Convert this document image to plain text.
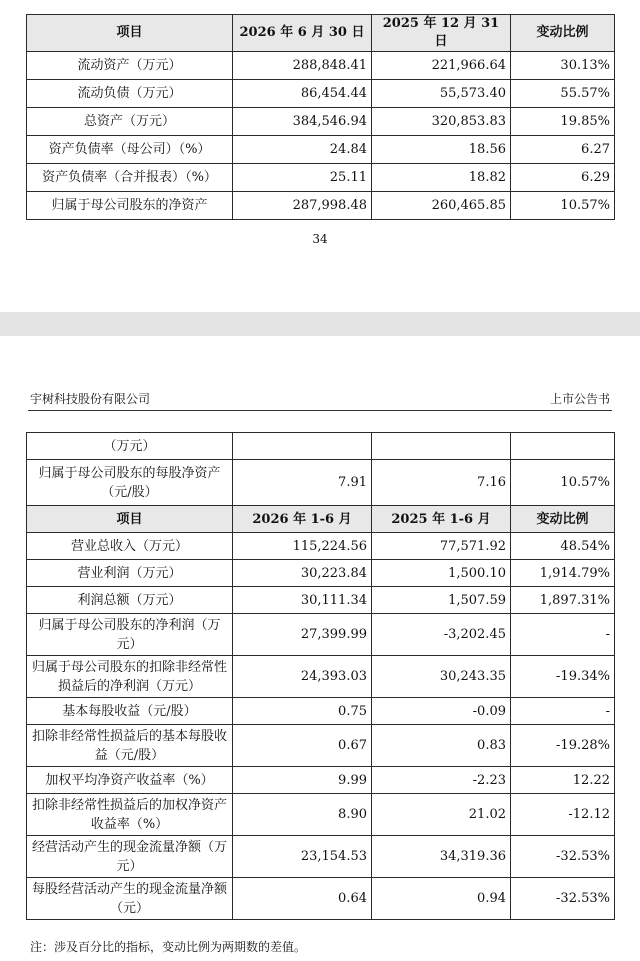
项目	2026 年 6 月 30 日	2025 年 12 月 31 日	变动比例
流动资产（万元）	288,848.41	221,966.64	30.13%
流动负债（万元）	86,454.44	55,573.40	55.57%
总资产（万元）	384,546.94	320,853.83	19.85%
资产负债率（母公司）（%）	24.84	18.56	6.27
资产负债率（合并报表）（%）	25.11	18.82	6.29
归属于母公司股东的净资产	287,998.48	260,465.85	10.57%
34
宇树科技股份有限公司	上市公告书
（万元）			
归属于母公司股东的每股净资产（元/股）	7.91	7.16	10.57%
项目	2026 年 1-6 月	2025 年 1-6 月	变动比例
营业总收入（万元）	115,224.56	77,571.92	48.54%
营业利润（万元）	30,223.84	1,500.10	1,914.79%
利润总额（万元）	30,111.34	1,507.59	1,897.31%
归属于母公司股东的净利润（万元）	27,399.99	-3,202.45	-
归属于母公司股东的扣除非经常性损益后的净利润（万元）	24,393.03	30,243.35	-19.34%
基本每股收益（元/股）	0.75	-0.09	-
扣除非经常性损益后的基本每股收益（元/股）	0.67	0.83	-19.28%
加权平均净资产收益率（%）	9.99	-2.23	12.22
扣除非经常性损益后的加权净资产收益率（%）	8.90	21.02	-12.12
经营活动产生的现金流量净额（万元）	23,154.53	34,319.36	-32.53%
每股经营活动产生的现金流量净额（元）	0.64	0.94	-32.53%
注：涉及百分比的指标，变动比例为两期数的差值。
